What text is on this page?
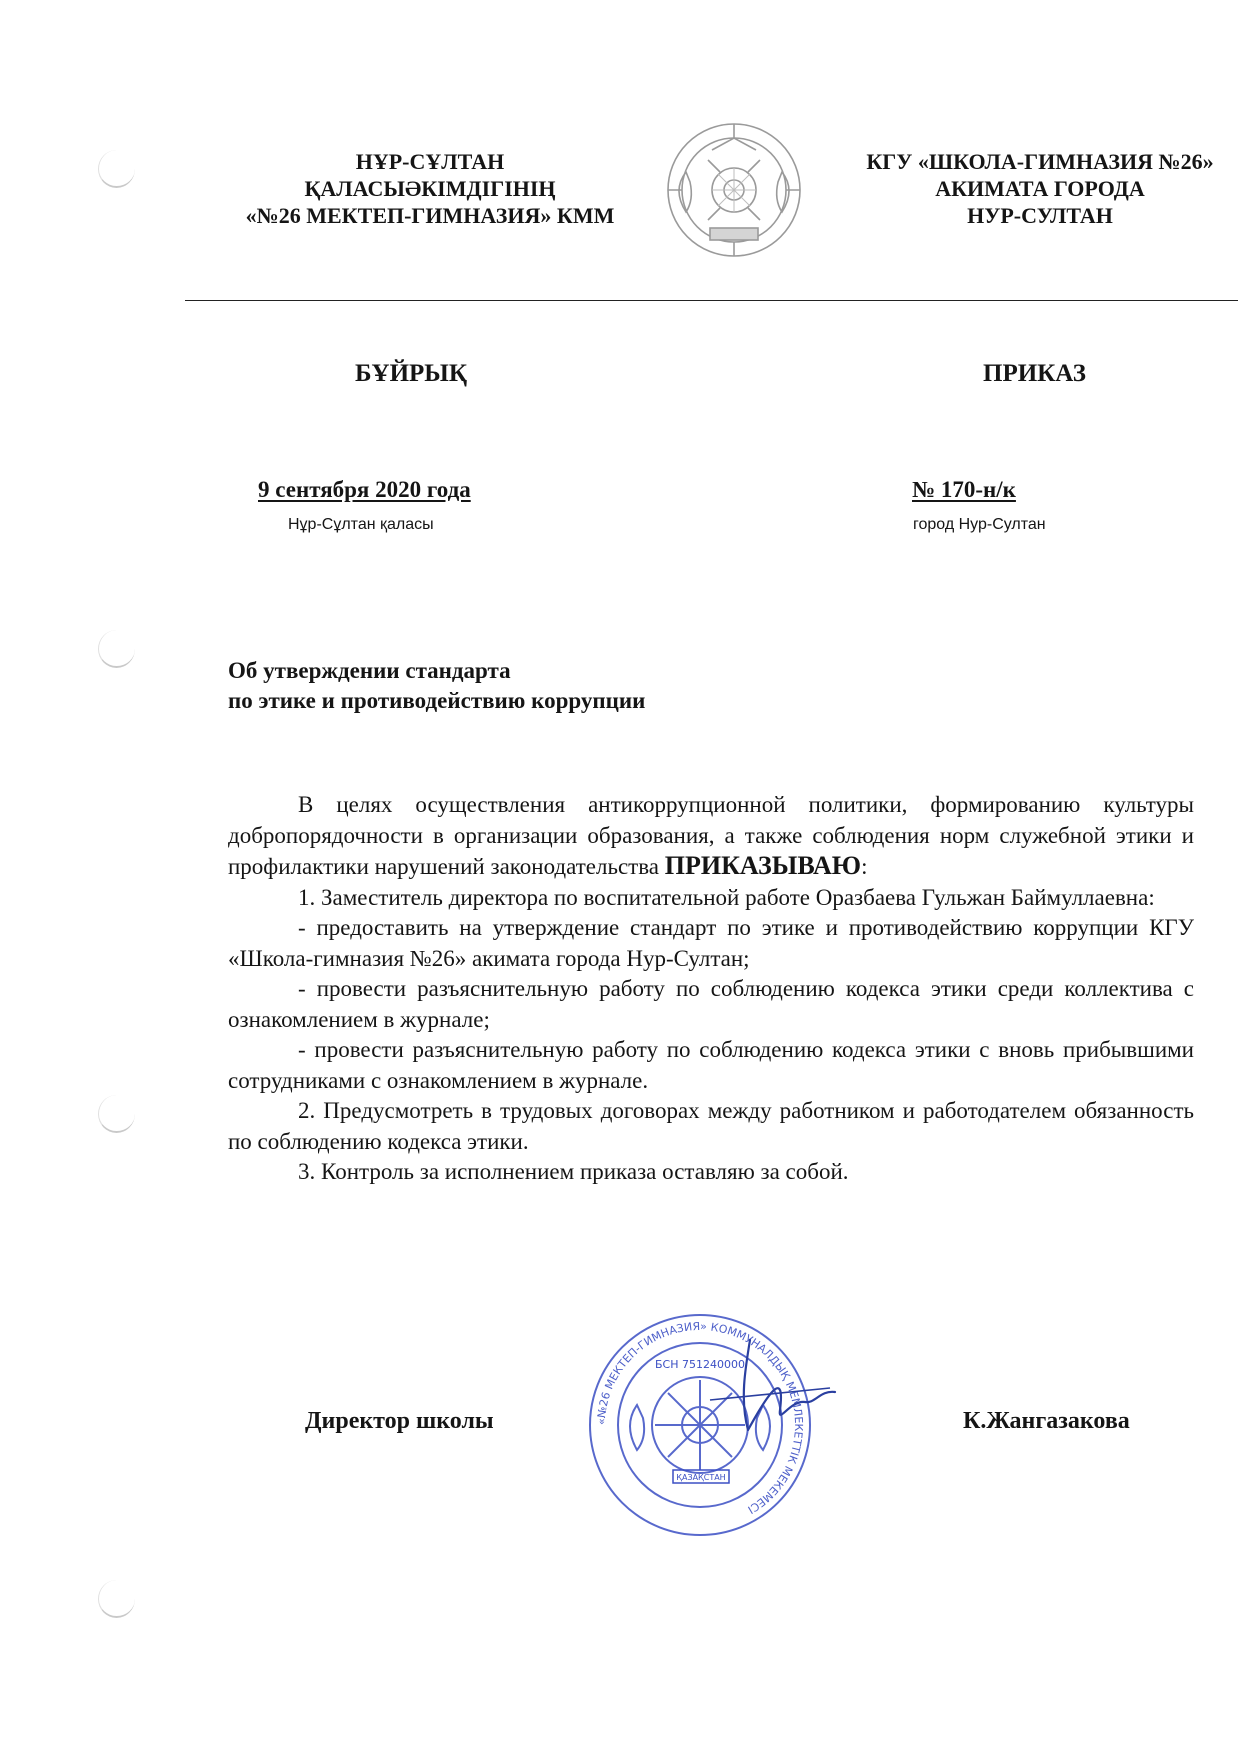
НҰР-СҰЛТАН
ҚАЛАСЫӘКІМДІГІНІҢ
«№26 МЕКТЕП-ГИМНАЗИЯ» КММ
КГУ «ШКОЛА-ГИМНАЗИЯ №26»
АКИМАТА ГОРОДА
НУР-СУЛТАН
БҰЙРЫҚ	ПРИКАЗ
9 сентября 2020 года
Нұр-Сұлтан қаласы
№ 170-н/к
город Нур-Султан
Об утверждении стандарта
по этике и противодействию коррупции

В целях осуществления антикоррупционной политики, формированию культуры добропорядочности в организации образования, а также соблюдения норм служебной этики и профилактики нарушений законодательства ПРИКАЗЫВАЮ:

1. Заместитель директора по воспитательной работе Оразбаева Гульжан Баймуллаевна:

- предоставить на утверждение стандарт по этике и противодействию коррупции КГУ «Школа-гимназия №26» акимата города Нур-Султан;

- провести разъяснительную работу по соблюдению кодекса этики среди коллектива с ознакомлением в журнале;

- провести разъяснительную работу по соблюдению кодекса этики с вновь прибывшими сотрудниками с ознакомлением в журнале.

2. Предусмотреть в трудовых договорах между работником и работодателем обязанность по соблюдению кодекса этики.

3. Контроль за исполнением приказа оставляю за собой.

«№26 МЕКТЕП-ГИМНАЗИЯ» КОММУНАЛДЫҚ МЕМЛЕКЕТТІК МЕКЕМЕСІ
ҚАЗАҚСТАН
БСН 751240000
Директор школы	К.Жангазакова
